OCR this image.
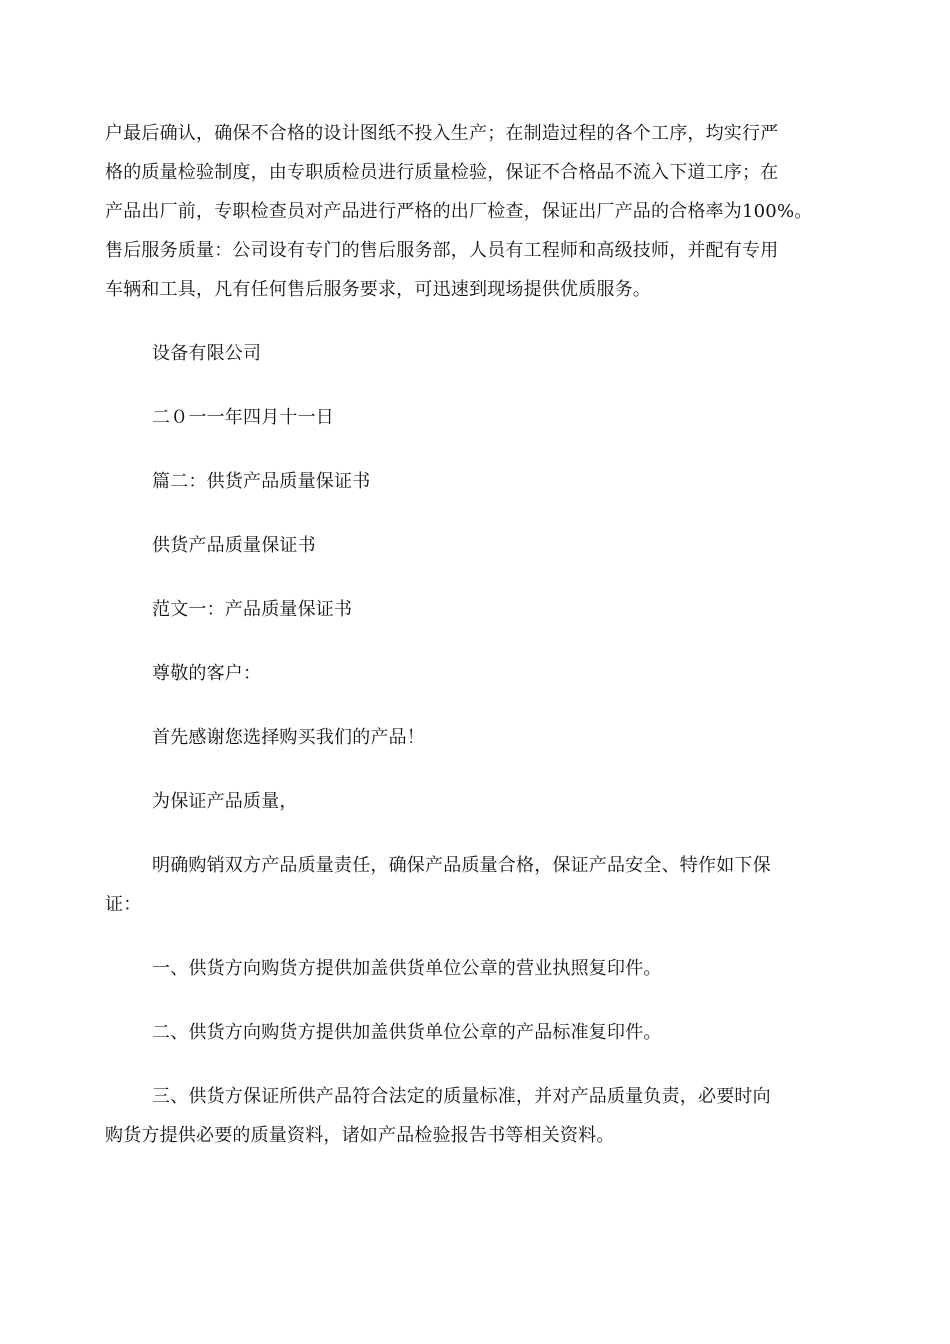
户最后确认，确保不合格的设计图纸不投入生产；在制造过程的各个工序，均实行严
格的质量检验制度，由专职质检员进行质量检验，保证不合格品不流入下道工序；在
产品出厂前，专职检查员对产品进行严格的出厂检查，保证出厂产品的合格率为100%。
售后服务质量：公司设有专门的售后服务部，人员有工程师和高级技师，并配有专用
车辆和工具，凡有任何售后服务要求，可迅速到现场提供优质服务。
设备有限公司
二０一一年四月十一日
篇二：供货产品质量保证书
供货产品质量保证书
范文一：产品质量保证书
尊敬的客户：
首先感谢您选择购买我们的产品！
为保证产品质量，
明确购销双方产品质量责任，确保产品质量合格，保证产品安全、特作如下保
证：
一、供货方向购货方提供加盖供货单位公章的营业执照复印件。
二、供货方向购货方提供加盖供货单位公章的产品标准复印件。
三、供货方保证所供产品符合法定的质量标准，并对产品质量负责，必要时向
购货方提供必要的质量资料，诸如产品检验报告书等相关资料。
